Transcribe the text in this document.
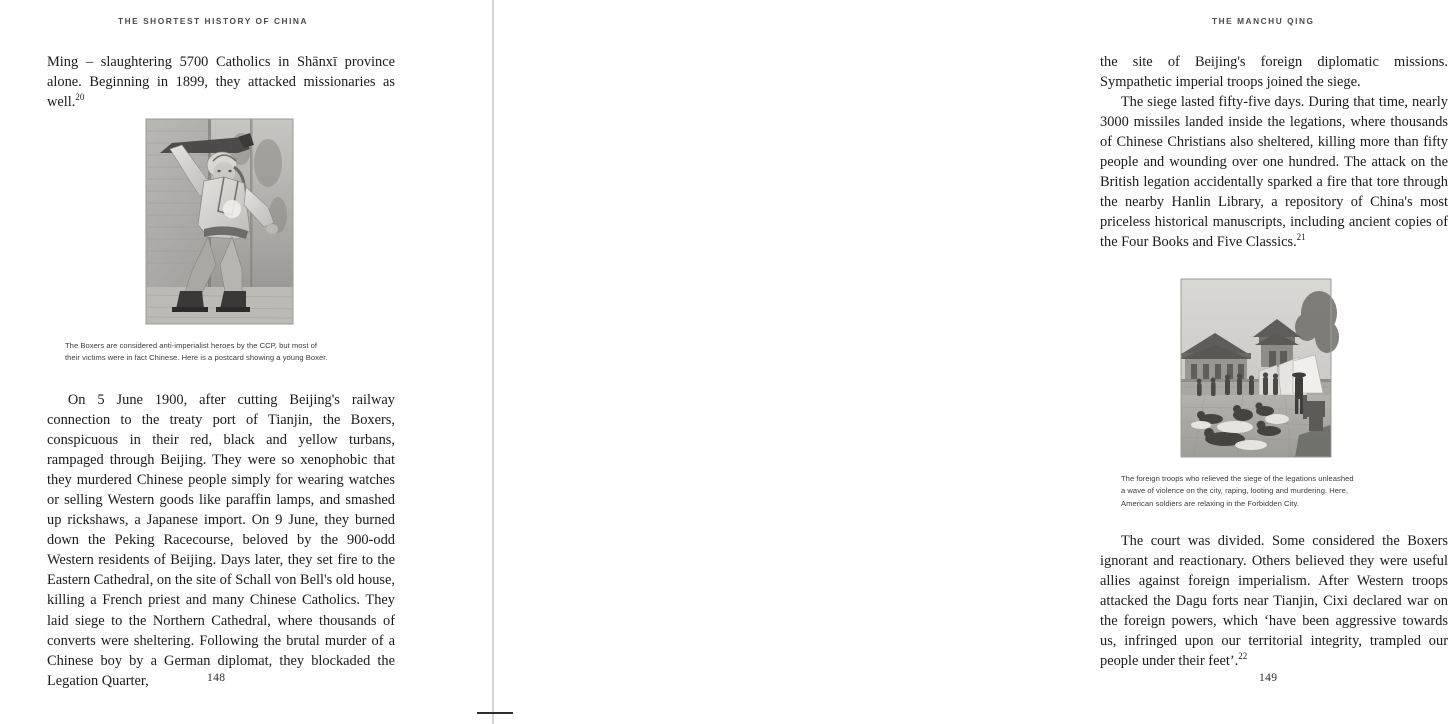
THE SHORTEST HISTORY OF CHINA

Ming – slaughtering 5700 Catholics in Shānxī province alone. Beginning in 1899, they attacked missionaries as well.$^{20}$

The Boxers are considered anti-imperialist heroes by the CCP, but most of
their victims were in fact Chinese. Here is a postcard showing a young Boxer.

On 5 June 1900, after cutting Beijing's railway connection to the treaty port of Tianjin, the Boxers, conspicuous in their red, black and yellow turbans, rampaged through Beijing. They were so xenophobic that they murdered Chinese people simply for wearing watches or selling Western goods like paraffin lamps, and smashed up rickshaws, a Japanese import. On 9 June, they burned down the Peking Racecourse, beloved by the 900-odd Western residents of Beijing. Days later, they set fire to the Eastern Cathedral, on the site of Schall von Bell's old house, killing a French priest and many Chinese Catholics. They laid siege to the Northern Cathedral, where thousands of converts were sheltering. Following the brutal murder of a Chinese boy by a German diplomat, they blockaded the Legation Quarter,	148
THE MANCHU QING

the site of Beijing's foreign diplomatic missions. Sympathetic imperial troops joined the siege.

The siege lasted fifty-five days. During that time, nearly 3000 missiles landed inside the legations, where thousands of Chinese Christians also sheltered, killing more than fifty people and wounding over one hundred. The attack on the British legation accidentally sparked a fire that tore through the nearby Hanlin Library, a repository of China's most priceless historical manuscripts, including ancient copies of the Four Books and Five Classics.$^{21}$

The foreign troops who relieved the siege of the legations unleashed
a wave of violence on the city, raping, looting and murdering. Here,
American soldiers are relaxing in the Forbidden City.

The court was divided. Some considered the Boxers ignorant and reactionary. Others believed they were useful allies against foreign imperialism. After Western troops attacked the Dagu forts near Tianjin, Cixi declared war on the foreign powers, which ‘have been aggressive towards us, infringed upon our territorial integrity, trampled our people under their feet’.$^{22}$

149
